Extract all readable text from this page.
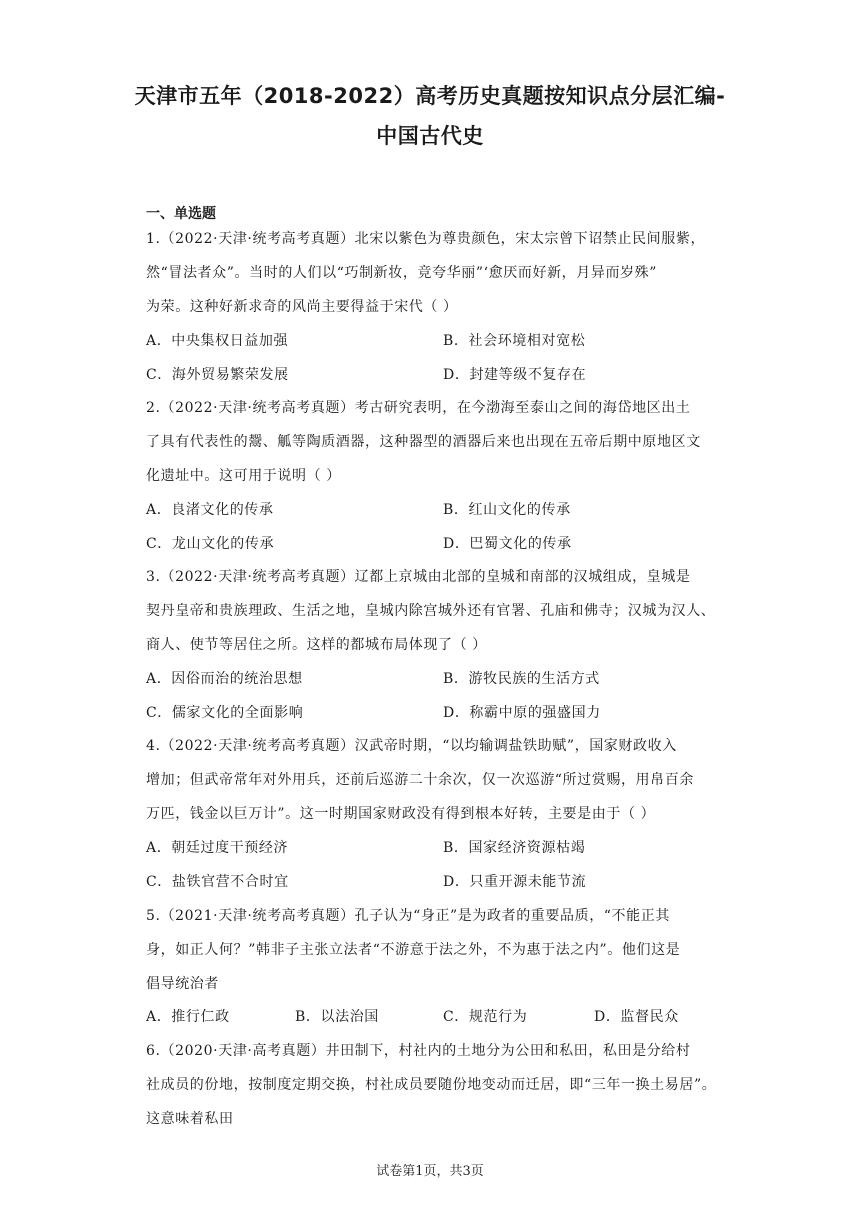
天津市五年（2018-2022）高考历史真题按知识点分层汇编-
中国古代史
一、单选题
1.（2022·天津·统考高考真题）北宋以紫色为尊贵颜色，宋太宗曾下诏禁止民间服紫，
然“冒法者众”。当时的人们以“巧制新妆，竞夸华丽”‘愈厌而好新，月异而岁殊”
为荣。这种好新求奇的风尚主要得益于宋代（ ）
A．中央集权日益加强	B．社会环境相对宽松
C．海外贸易繁荣发展	D．封建等级不复存在
2.（2022·天津·统考高考真题）考古研究表明，在今渤海至泰山之间的海岱地区出土
了具有代表性的鬶、觚等陶质酒器，这种器型的酒器后来也出现在五帝后期中原地区文
化遗址中。这可用于说明（ ）
A．良渚文化的传承	B．红山文化的传承
C．龙山文化的传承	D．巴蜀文化的传承
3.（2022·天津·统考高考真题）辽都上京城由北部的皇城和南部的汉城组成，皇城是
契丹皇帝和贵族理政、生活之地，皇城内除宫城外还有官署、孔庙和佛寺；汉城为汉人、
商人、使节等居住之所。这样的都城布局体现了（ ）
A．因俗而治的统治思想	B．游牧民族的生活方式
C．儒家文化的全面影响	D．称霸中原的强盛国力
4.（2022·天津·统考高考真题）汉武帝时期，“以均输调盐铁助赋”，国家财政收入
增加；但武帝常年对外用兵，还前后巡游二十余次，仅一次巡游“所过赏赐，用帛百余
万匹，钱金以巨万计”。这一时期国家财政没有得到根本好转，主要是由于（ ）
A．朝廷过度干预经济	B．国家经济资源枯竭
C．盐铁官营不合时宜	D．只重开源未能节流
5.（2021·天津·统考高考真题）孔子认为“身正”是为政者的重要品质，“不能正其
身，如正人何？”韩非子主张立法者“不游意于法之外，不为惠于法之内”。他们这是
倡导统治者
A．推行仁政	B．以法治国	C．规范行为	D．监督民众
6.（2020·天津·高考真题）井田制下，村社内的土地分为公田和私田，私田是分给村
社成员的份地，按制度定期交换，村社成员要随份地变动而迁居，即“三年一换土易居”。
这意味着私田
试卷第1页，共3页
